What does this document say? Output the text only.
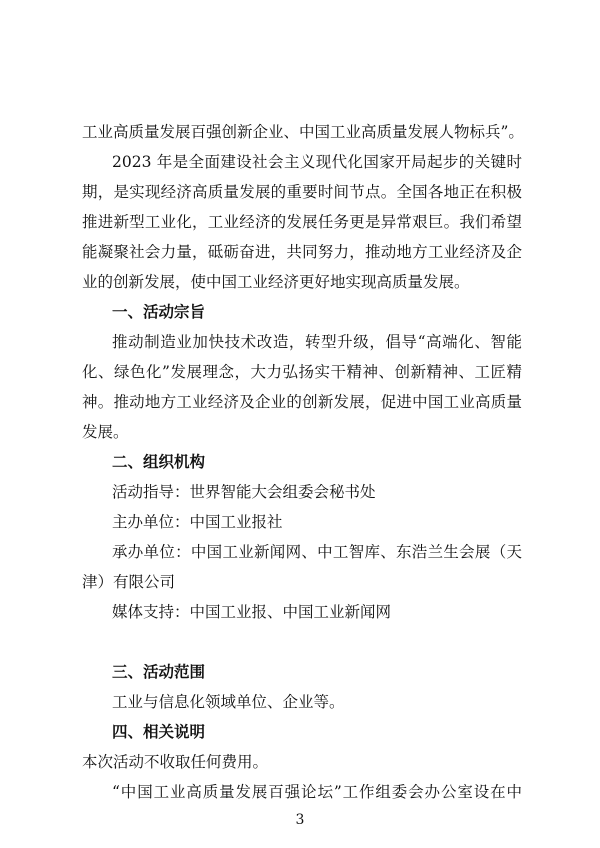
工业高质量发展百强创新企业、中国工业高质量发展人物标兵”。
2023 年是全面建设社会主义现代化国家开局起步的关键时
期，是实现经济高质量发展的重要时间节点。全国各地正在积极
推进新型工业化，工业经济的发展任务更是异常艰巨。我们希望
能凝聚社会力量，砥砺奋进，共同努力，推动地方工业经济及企
业的创新发展，使中国工业经济更好地实现高质量发展。
一、活动宗旨
推动制造业加快技术改造，转型升级，倡导“高端化、智能
化、绿色化”发展理念，大力弘扬实干精神、创新精神、工匠精
神。推动地方工业经济及企业的创新发展，促进中国工业高质量
发展。
二、组织机构
活动指导：世界智能大会组委会秘书处
主办单位：中国工业报社
承办单位：中国工业新闻网、中工智库、东浩兰生会展（天
津）有限公司
媒体支持：中国工业报、中国工业新闻网
三、活动范围
工业与信息化领域单位、企业等。
四、相关说明
本次活动不收取任何费用。
“中国工业高质量发展百强论坛”工作组委会办公室设在中
3
